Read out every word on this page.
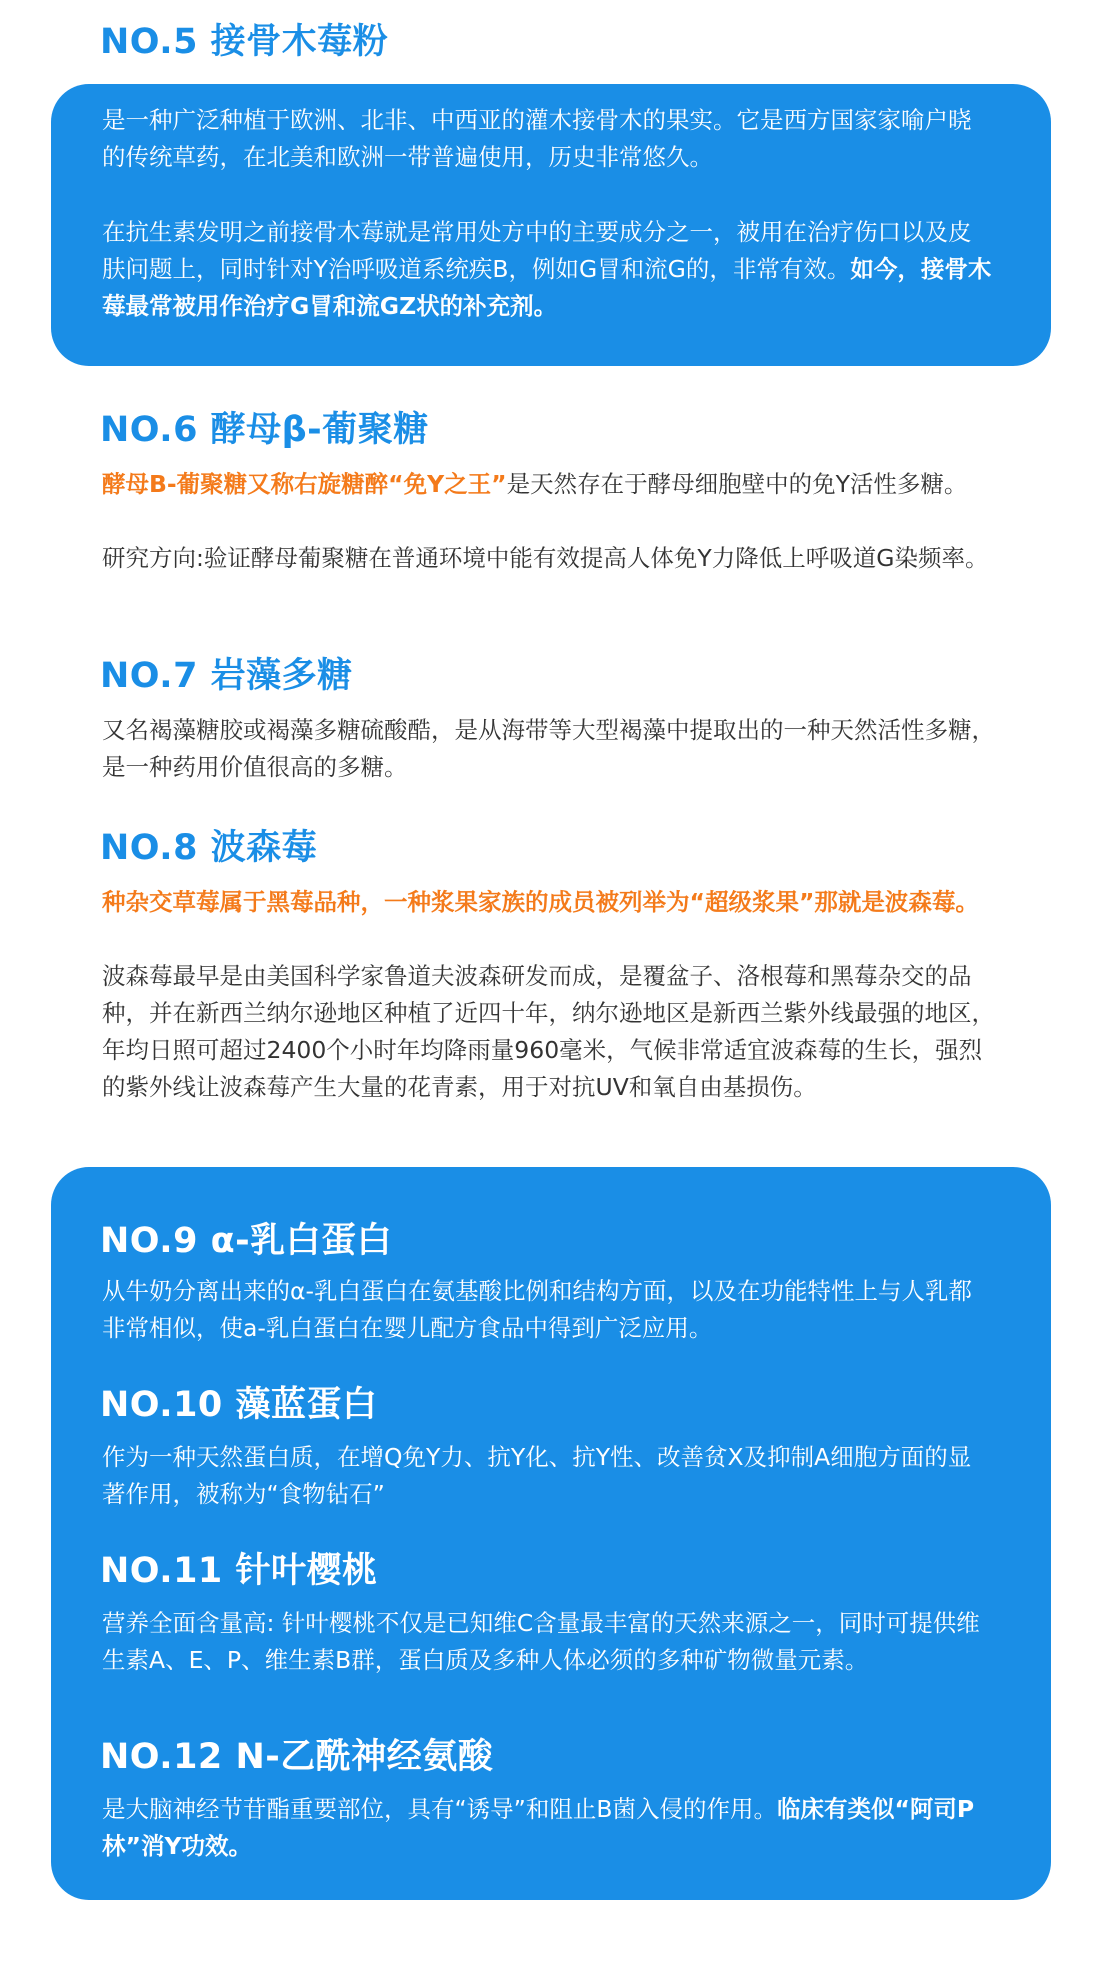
NO.5 接骨木莓粉

是一种广泛种植于欧洲、北非、中西亚的灌木接骨木的果实。它是西方国家家喻户晓的传统草药，在北美和欧洲一带普遍使用，历史非常悠久。

在抗生素发明之前接骨木莓就是常用处方中的主要成分之一，被用在治疗伤口以及皮肤问题上，同时针对Y治呼吸道系统疾B，例如G冒和流G的，非常有效。如今，接骨木莓最常被用作治疗G冒和流GZ状的补充剂。

NO.6 酵母β-葡聚糖

酵母B-葡聚糖又称右旋糖醉“免Y之王”是天然存在于酵母细胞壁中的免Y活性多糖。

研究方向:验证酵母葡聚糖在普通环境中能有效提高人体免Y力降低上呼吸道G染频率。

NO.7 岩藻多糖

又名褐藻糖胶或褐藻多糖硫酸酷，是从海带等大型褐藻中提取出的一种天然活性多糖，是一种药用价值很高的多糖。

NO.8 波森莓

种杂交草莓属于黑莓品种，一种浆果家族的成员被列举为“超级浆果”那就是波森莓。

波森莓最早是由美国科学家鲁道夫波森研发而成，是覆盆子、洛根莓和黑莓杂交的品种，并在新西兰纳尔逊地区种植了近四十年，纳尔逊地区是新西兰紫外线最强的地区，年均日照可超过2400个小时年均降雨量960毫米，气候非常适宜波森莓的生长，强烈的紫外线让波森莓产生大量的花青素，用于对抗UV和氧自由基损伤。

NO.9 α-乳白蛋白

从牛奶分离出来的α-乳白蛋白在氨基酸比例和结构方面，以及在功能特性上与人乳都非常相似，使a-乳白蛋白在婴儿配方食品中得到广泛应用。

NO.10 藻蓝蛋白

作为一种天然蛋白质，在增Q免Y力、抗Y化、抗Y性、改善贫X及抑制A细胞方面的显著作用，被称为“食物钻石”

NO.11 针叶樱桃

营养全面含量高: 针叶樱桃不仅是已知维C含量最丰富的天然来源之一，同时可提供维生素A、E、P、维生素B群，蛋白质及多种人体必须的多种矿物微量元素。

NO.12 N-乙酰神经氨酸

是大脑神经节苷酯重要部位，具有“诱导”和阻止B菌入侵的作用。临床有类似“阿司P林”消Y功效。
